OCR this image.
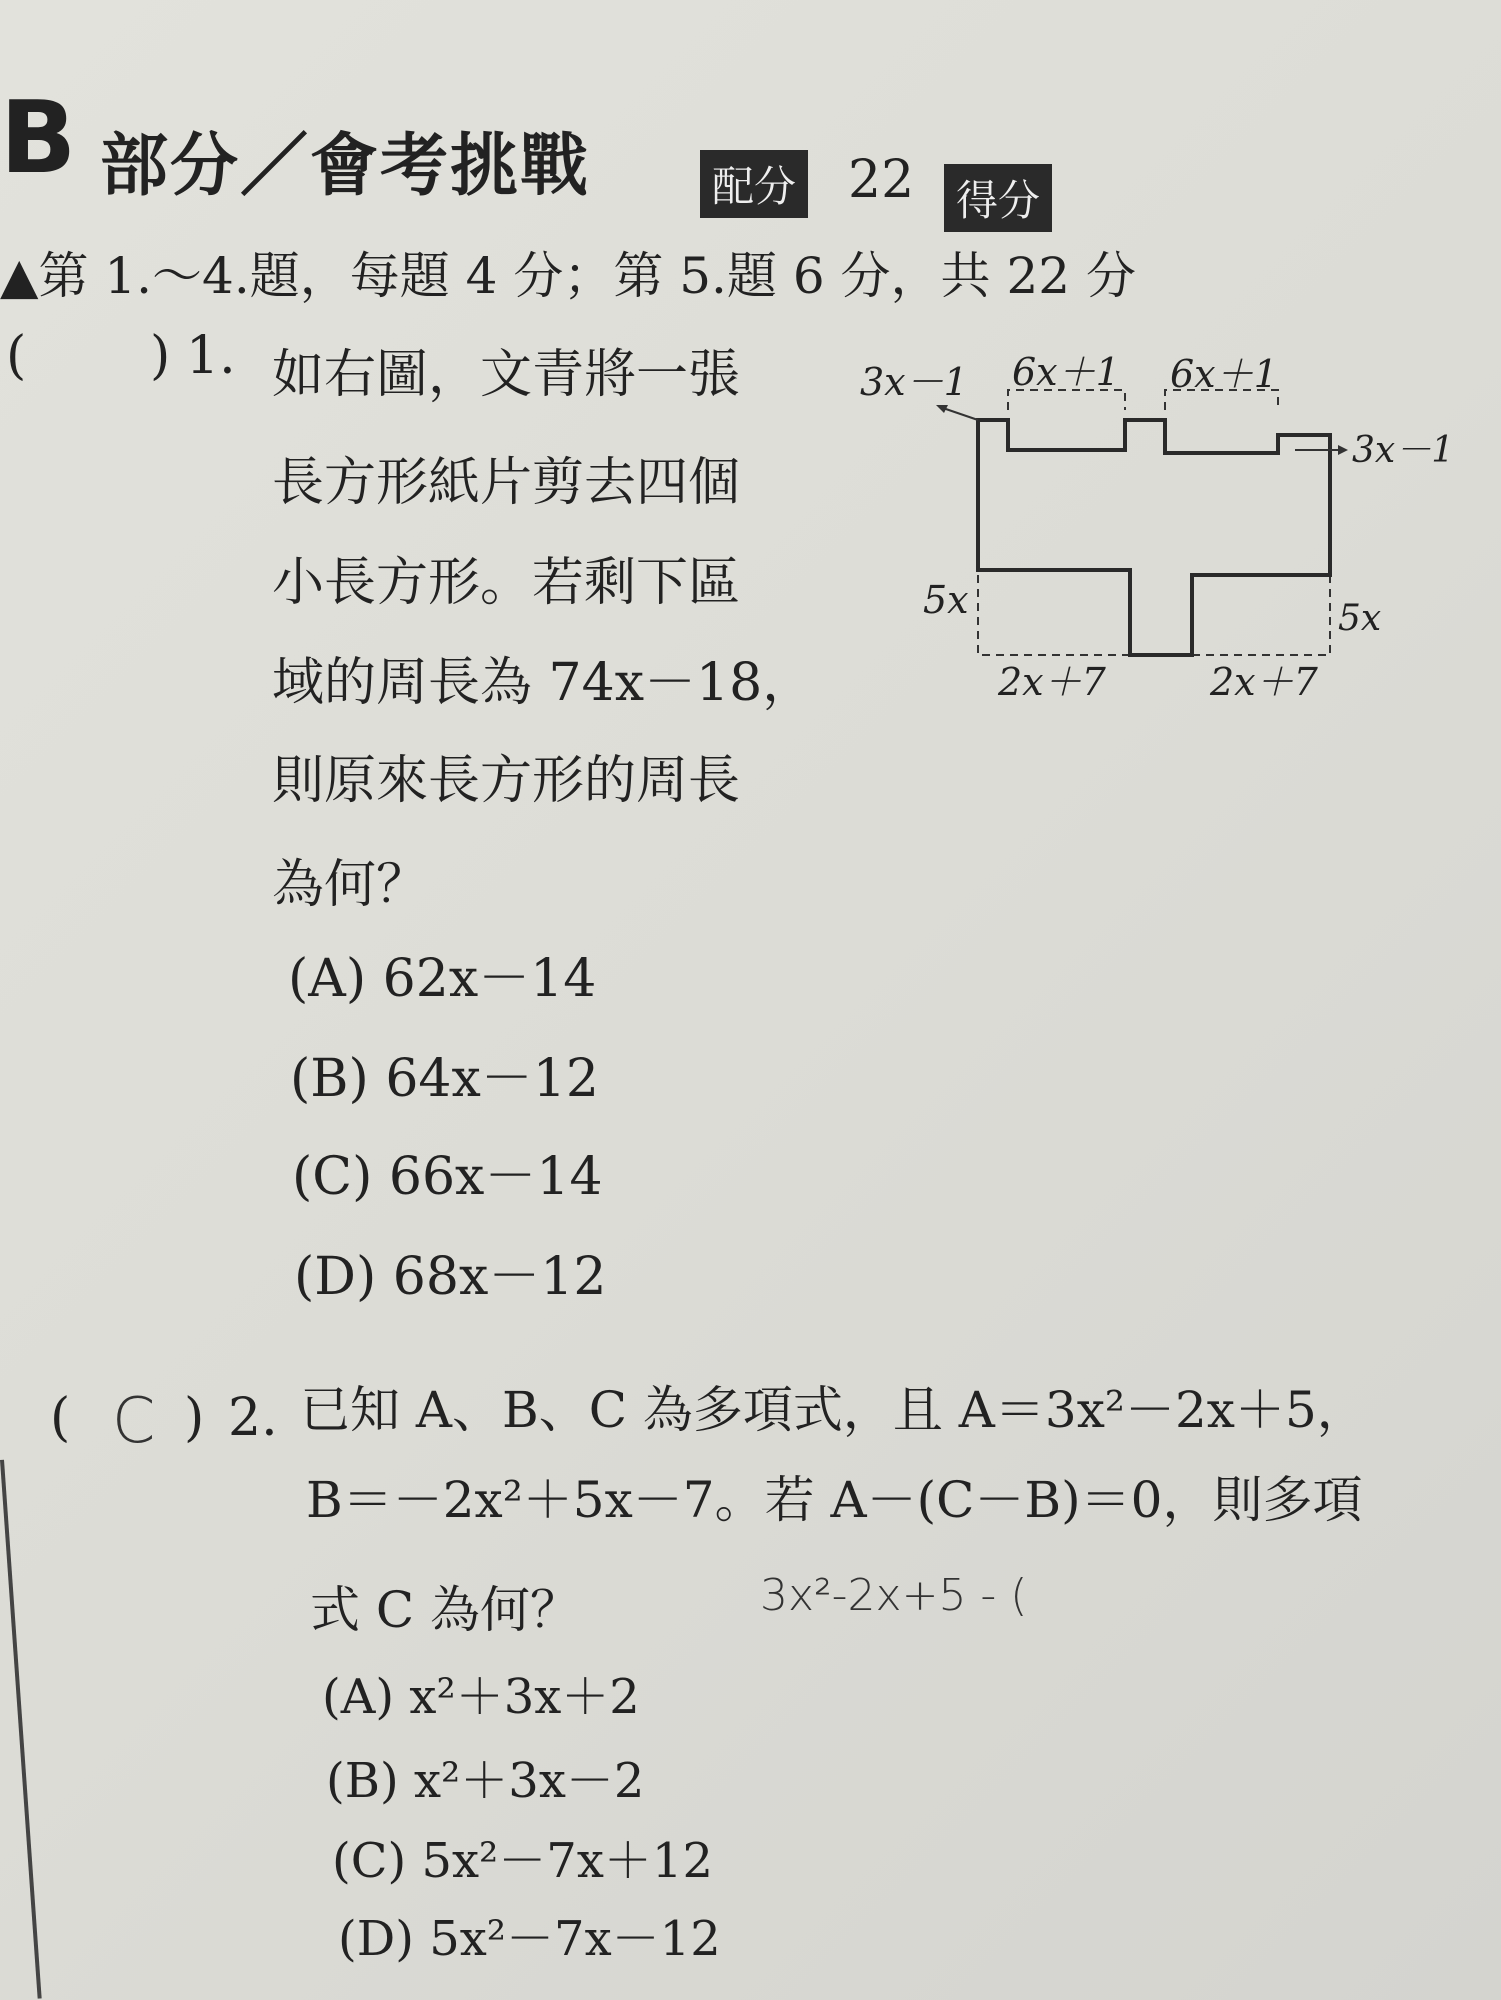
B 部分／會考挑戰	配分 22 得分
▲第 1.～4.題，每題 4 分；第 5.題 6 分，共 22 分
( ) 1. 如右圖，文青將一張
長方形紙片剪去四個
小長方形。若剩下區
域的周長為 74x－18，
則原來長方形的周長
為何？
(A) 62x－14
(B) 64x－12
(C) 66x－14
(D) 68x－12
3x－1 6x＋1 6x＋1
3x－1
5x	5x
2x＋7	2x＋7
( C ) 2. 已知 A、B、C 為多項式，且 A＝3x²－2x＋5，
B＝－2x²＋5x－7。若 A－(C－B)＝0，則多項
式 C 為何？	3x²-2x+5 - (
(A) x²＋3x＋2
(B) x²＋3x－2
(C) 5x²－7x＋12
(D) 5x²－7x－12
